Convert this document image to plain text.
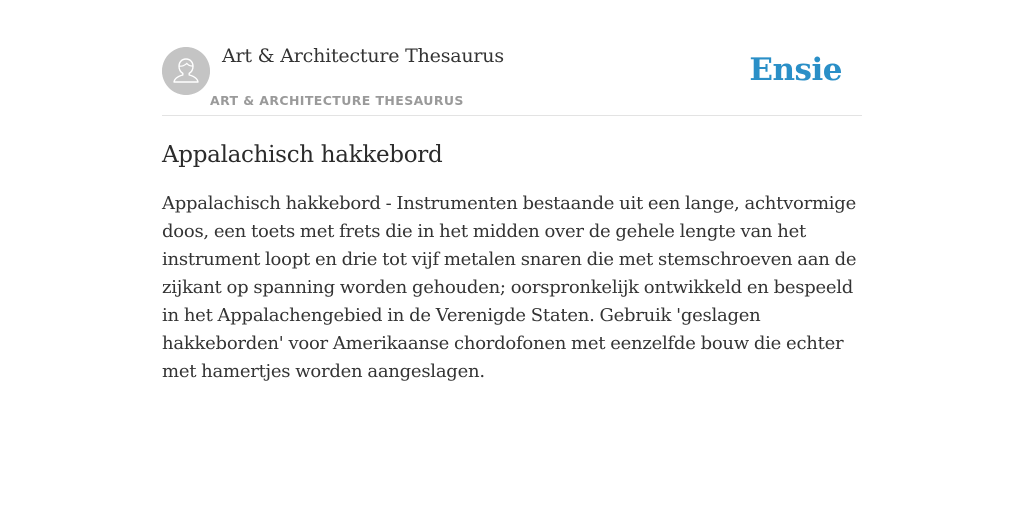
Art & Architecture Thesaurus
ART & ARCHITECTURE THESAURUS
Ensie
Appalachisch hakkebord

Appalachisch hakkebord - Instrumenten bestaande uit een lange, achtvormige doos, een toets met frets die in het midden over de gehele lengte van het instrument loopt en drie tot vijf metalen snaren die met stemschroeven aan de zijkant op spanning worden gehouden; oorspronkelijk ontwikkeld en bespeeld in het Appalachengebied in de Verenigde Staten. Gebruik 'geslagen hakkeborden' voor Amerikaanse chordofonen met eenzelfde bouw die echter met hamertjes worden aangeslagen.
